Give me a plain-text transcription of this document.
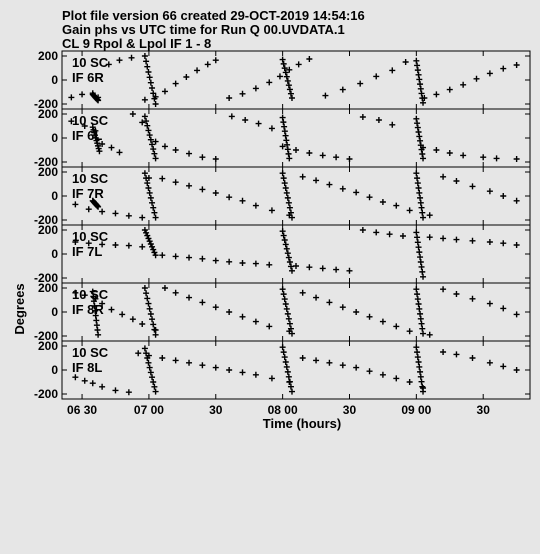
Plot file version 66 created 29-OCT-2019 14:54:16
Gain phs vs UTC time for Run Q 00.UVDATA.1
CL 9 Rpol & Lpol IF 1 - 8
200
0
-200
10 SC
IF 6R
200
0
-200
10 SC
IF 6L
200
0
-200
10 SC
IF 7R
200
0
-200
10 SC
IF 7L
200
0
-200
10 SC
IF 8R
200
0
-200
10 SC
IF 8L
06 30	07 00	30	08 00	30	09 00	30
Time (hours)
Degrees
